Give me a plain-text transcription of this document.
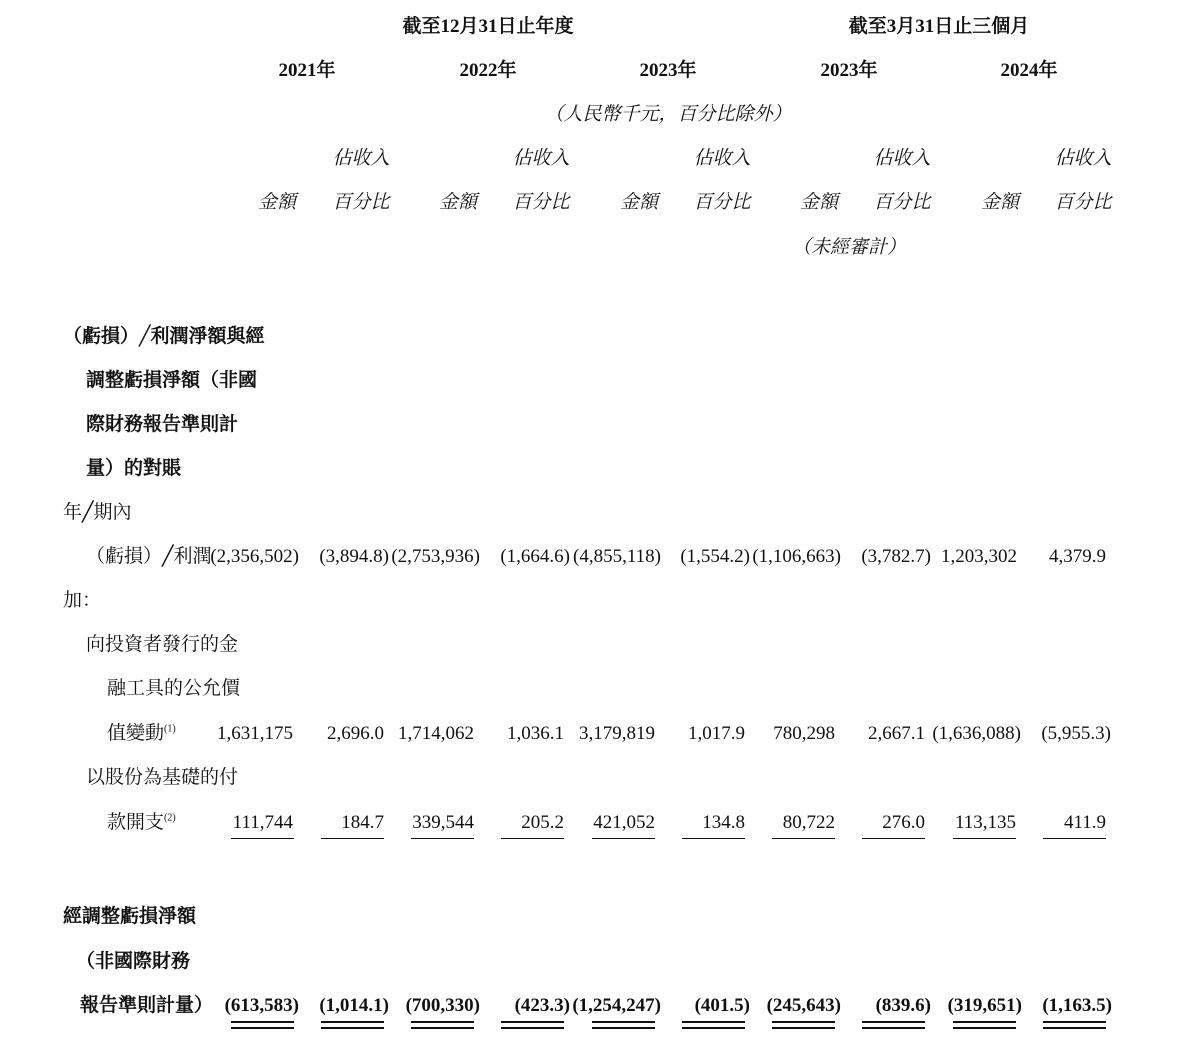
截至12月31日止年度	截至3月31日止三個月
2021年	2022年	2023年	2023年	2024年
（人民幣千元，百分比除外）
佔收入	佔收入	佔收入	佔收入	佔收入
金額 百分比	金額 百分比	金額 百分比	金額 百分比	金額 百分比
（未經審計）
（虧損）╱利潤淨額與經
調整虧損淨額（非國
際財務報告準則計
量）的對賬
年╱期內
（虧損）╱利潤
(2,356,502) (3,894.8) (2,753,936) (1,664.6) (4,855,118) (1,554.2) (1,106,663) (3,782.7) 1,203,302 4,379.9
加：
向投資者發行的金
融工具的公允價
值變動$^{(1)}$ 1,631,175 2,696.0 1,714,062 1,036.1 3,179,819 1,017.9 780,298 2,667.1 (1,636,088) (5,955.3)
以股份為基礎的付
款開支$^{(2)}$	111,744	184.7 339,544 205.2 421,052 134.8 80,722 276.0 113,135	411.9
經調整虧損淨額
（非國際財務
報告準則計量） (613,583) (1,014.1) (700,330) (423.3) (1,254,247) (401.5) (245,643) (839.6) (319,651) (1,163.5)
